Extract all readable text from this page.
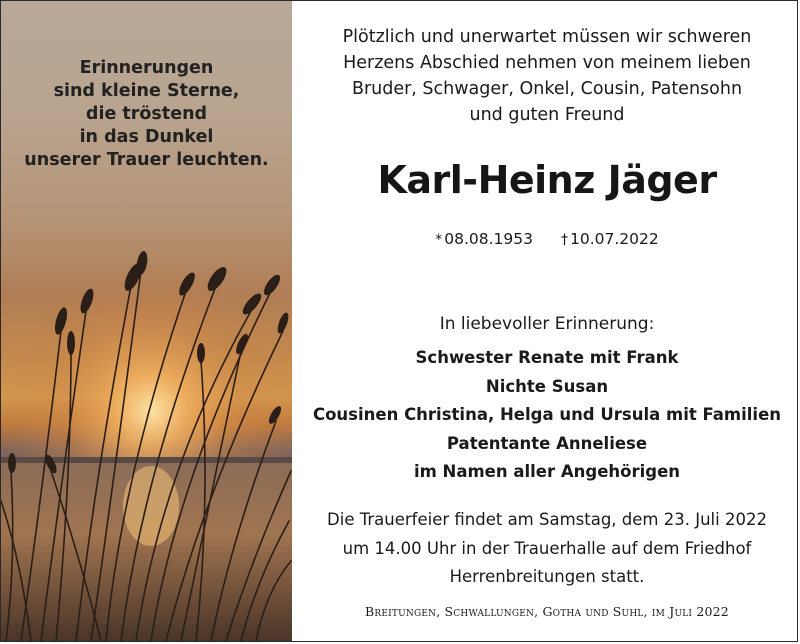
Erinnerungen
sind kleine Sterne,
die tröstend
in das Dunkel
unserer Trauer leuchten.
Plötzlich und unerwartet müssen wir schweren
Herzens Abschied nehmen von meinem lieben
Bruder, Schwager, Onkel, Cousin, Patensohn
und guten Freund
Karl-Heinz Jäger
* 08.08.1953 † 10.07.2022
In liebevoller Erinnerung:
Schwester Renate mit Frank
Nichte Susan
Cousinen Christina, Helga und Ursula mit Familien
Patentante Anneliese
im Namen aller Angehörigen
Die Trauerfeier findet am Samstag, dem 23. Juli 2022
um 14.00 Uhr in der Trauerhalle auf dem Friedhof
Herrenbreitungen statt.
Breitungen, Schwallungen, Gotha und Suhl, im Juli 2022
